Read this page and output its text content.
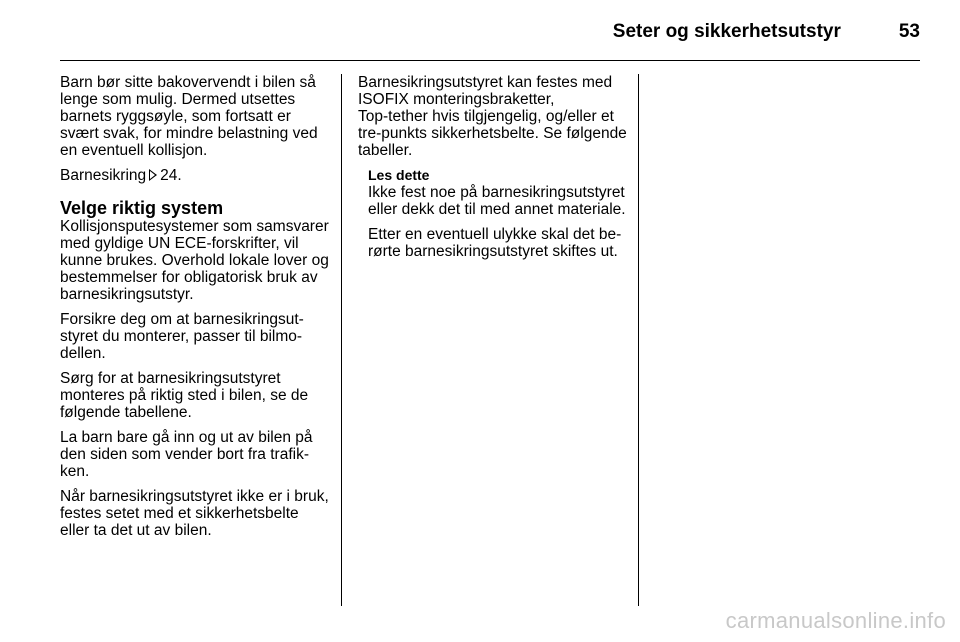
Seter og sikkerhetsutstyr	53

Barn bør sitte bakovervendt i bilen så lenge som mulig. Dermed utsettes barnets ryggsøyle, som fortsatt er svært svak, for mindre belastning ved en eventuell kollisjon.

Barnesikring 24.

Velge riktig system

Kollisjonsputesystemer som samsvarer med gyldige UN ECE-forskrifter, vil kunne brukes. Overhold lokale lover og bestemmelser for obligatorisk bruk av barnesikringsutstyr.

Forsikre deg om at barnesikringsutstyret du monterer, passer til bilmodellen.

Sørg for at barnesikringsutstyret monteres på riktig sted i bilen, se de følgende tabellene.

La barn bare gå inn og ut av bilen på den siden som vender bort fra trafikken.

Når barnesikringsutstyret ikke er i bruk, festes setet med et sikkerhetsbelte eller ta det ut av bilen.

Barnesikringsutstyret kan festes med ISOFIX monteringsbraketter,

Top-tether hvis tilgjengelig, og/eller et tre-punkts sikkerhetsbelte. Se følgende tabeller.

Les dette

Ikke fest noe på barnesikringsutstyret eller dekk det til med annet materiale.

Etter en eventuell ulykke skal det berørte barnesikringsutstyret skiftes ut.

carmanualsonline.info
